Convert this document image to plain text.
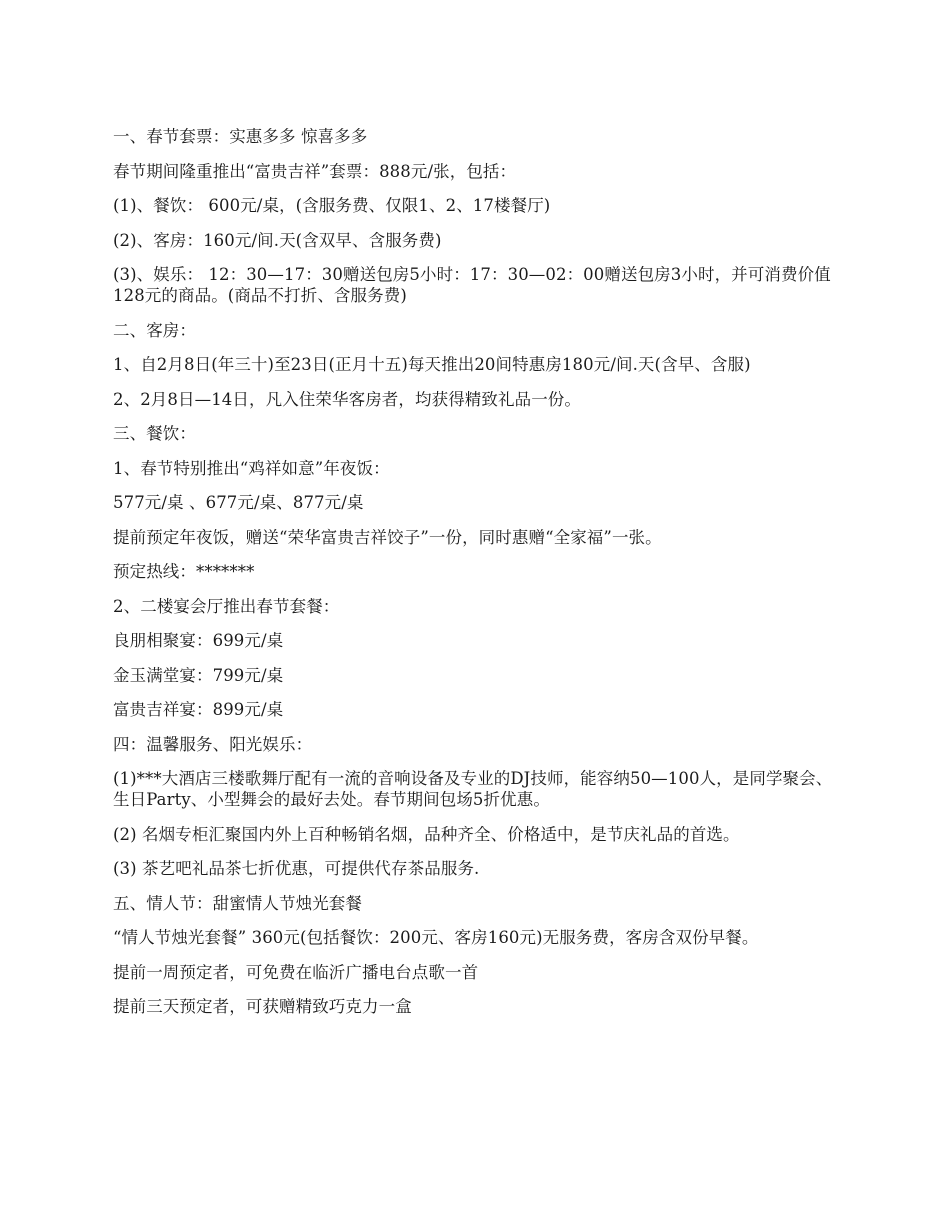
一、春节套票：实惠多多 惊喜多多

春节期间隆重推出“富贵吉祥”套票：888元/张，包括：

(1)、餐饮： 600元/桌，(含服务费、仅限1、2、17楼餐厅)

(2)、客房：160元/间.天(含双早、含服务费)

(3)、娱乐： 12：30—17：30赠送包房5小时：17：30—02：00赠送包房3小时，并可消费价值128元的商品。(商品不打折、含服务费)

二、客房：

1、自2月8日(年三十)至23日(正月十五)每天推出20间特惠房180元/间.天(含早、含服)

2、2月8日—14日，凡入住荣华客房者，均获得精致礼品一份。

三、餐饮：

1、春节特别推出“鸡祥如意”年夜饭：

577元/桌 、677元/桌、877元/桌

提前预定年夜饭，赠送“荣华富贵吉祥饺子”一份，同时惠赠“全家福”一张。

预定热线：*******

2、二楼宴会厅推出春节套餐：

良朋相聚宴：699元/桌

金玉满堂宴：799元/桌

富贵吉祥宴：899元/桌

四：温馨服务、阳光娱乐：

(1)***大酒店三楼歌舞厅配有一流的音响设备及专业的DJ技师，能容纳50—100人，是同学聚会、生日Party、小型舞会的最好去处。春节期间包场5折优惠。

(2) 名烟专柜汇聚国内外上百种畅销名烟，品种齐全、价格适中，是节庆礼品的首选。

(3) 茶艺吧礼品茶七折优惠，可提供代存茶品服务.

五、情人节：甜蜜情人节烛光套餐

“情人节烛光套餐” 360元(包括餐饮：200元、客房160元)无服务费，客房含双份早餐。

提前一周预定者，可免费在临沂广播电台点歌一首

提前三天预定者，可获赠精致巧克力一盒
